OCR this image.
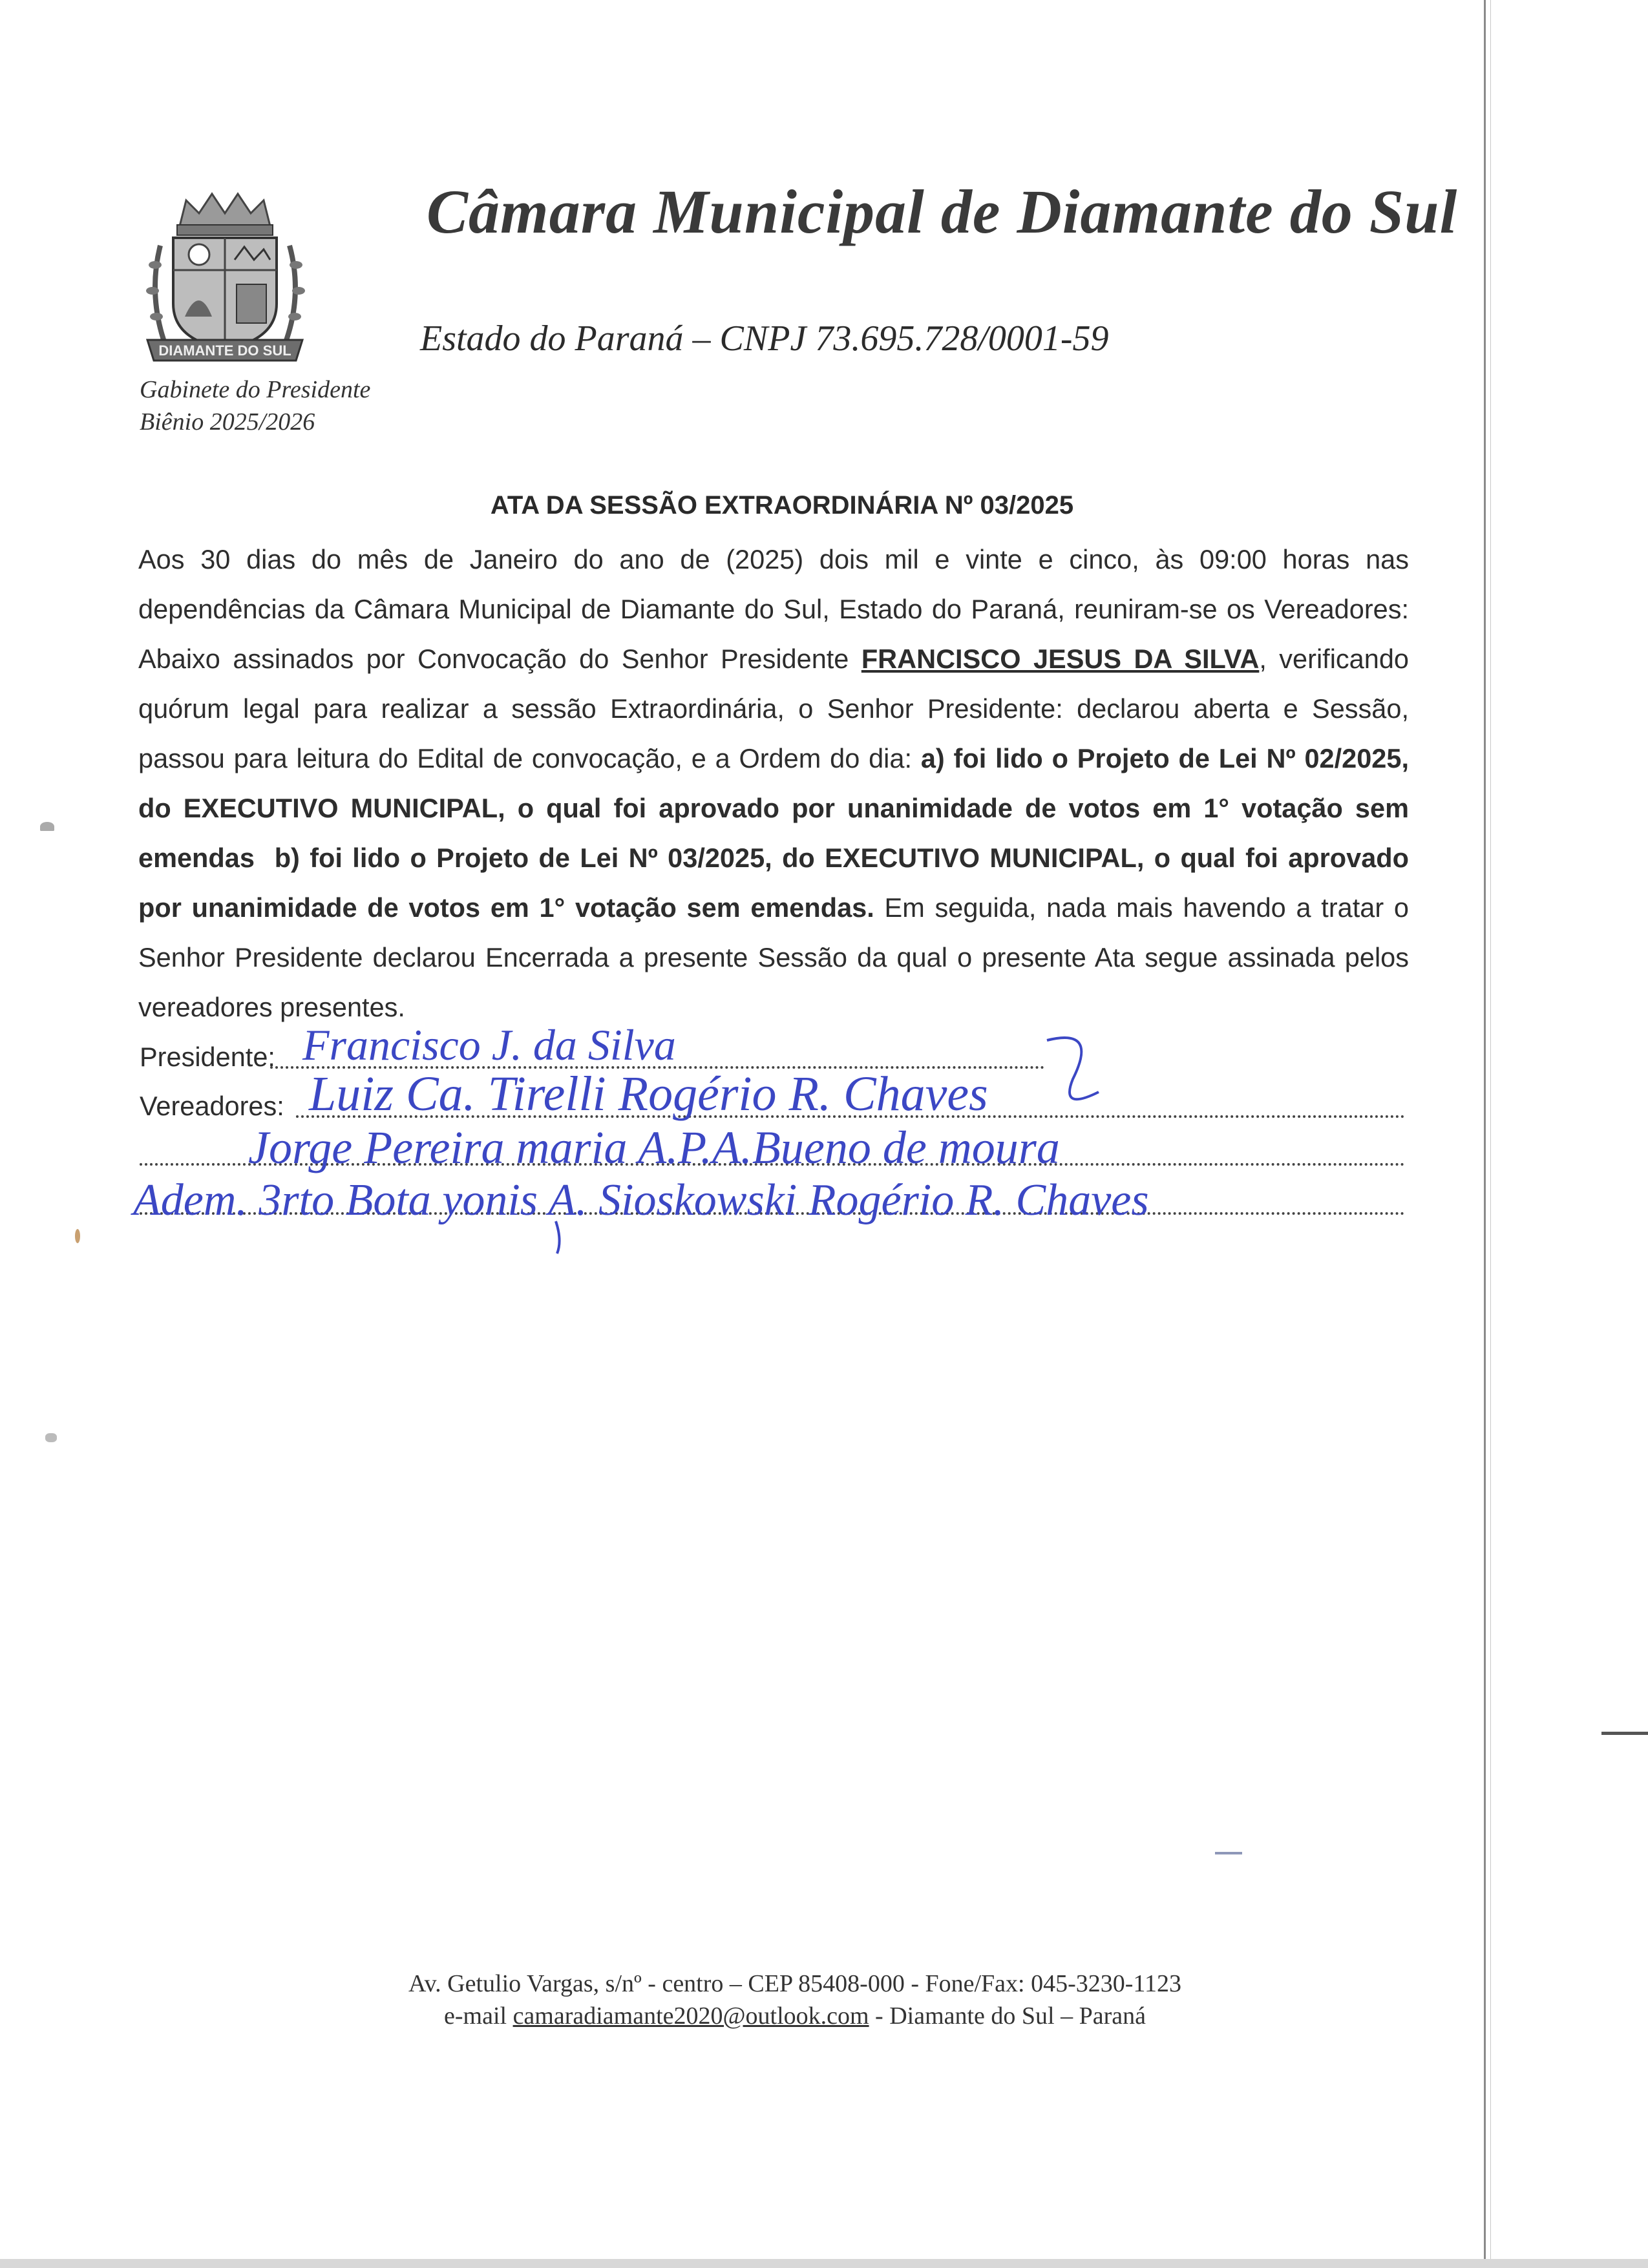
DIAMANTE DO SUL
Câmara Municipal de Diamante do Sul
Estado do Paraná – CNPJ 73.695.728/0001-59
Gabinete do Presidente
Biênio 2025/2026
ATA DA SESSÃO EXTRAORDINÁRIA Nº 03/2025
Aos 30 dias do mês de Janeiro do ano de (2025) dois mil e vinte e cinco, às 09:00 horas nas dependências da Câmara Municipal de Diamante do Sul, Estado do Paraná, reuniram-se os Vereadores: Abaixo assinados por Convocação do Senhor Presidente FRANCISCO JESUS DA SILVA, verificando quórum legal para realizar a sessão Extraordinária, o Senhor Presidente: declarou aberta e Sessão, passou para leitura do Edital de convocação, e a Ordem do dia: a) foi lido o Projeto de Lei Nº 02/2025, do EXECUTIVO MUNICIPAL, o qual foi aprovado por unanimidade de votos em 1° votação sem emendas b) foi lido o Projeto de Lei Nº 03/2025, do EXECUTIVO MUNICIPAL, o qual foi aprovado por unanimidade de votos em 1° votação sem emendas. Em seguida, nada mais havendo a tratar o Senhor Presidente declarou Encerrada a presente Sessão da qual o presente Ata segue assinada pelos vereadores presentes.
Presidente:
Vereadores:
Francisco J. da Silva
Luiz Ca. Tirelli Rogério R. Chaves
Jorge Pereira maria A.P.A.Bueno de moura
Adem. 3rto Bota yonis A. Sioskowski Rogério R. Chaves
Av. Getulio Vargas, s/nº - centro – CEP 85408-000 - Fone/Fax: 045-3230-1123
e-mail camaradiamante2020@outlook.com - Diamante do Sul – Paraná
